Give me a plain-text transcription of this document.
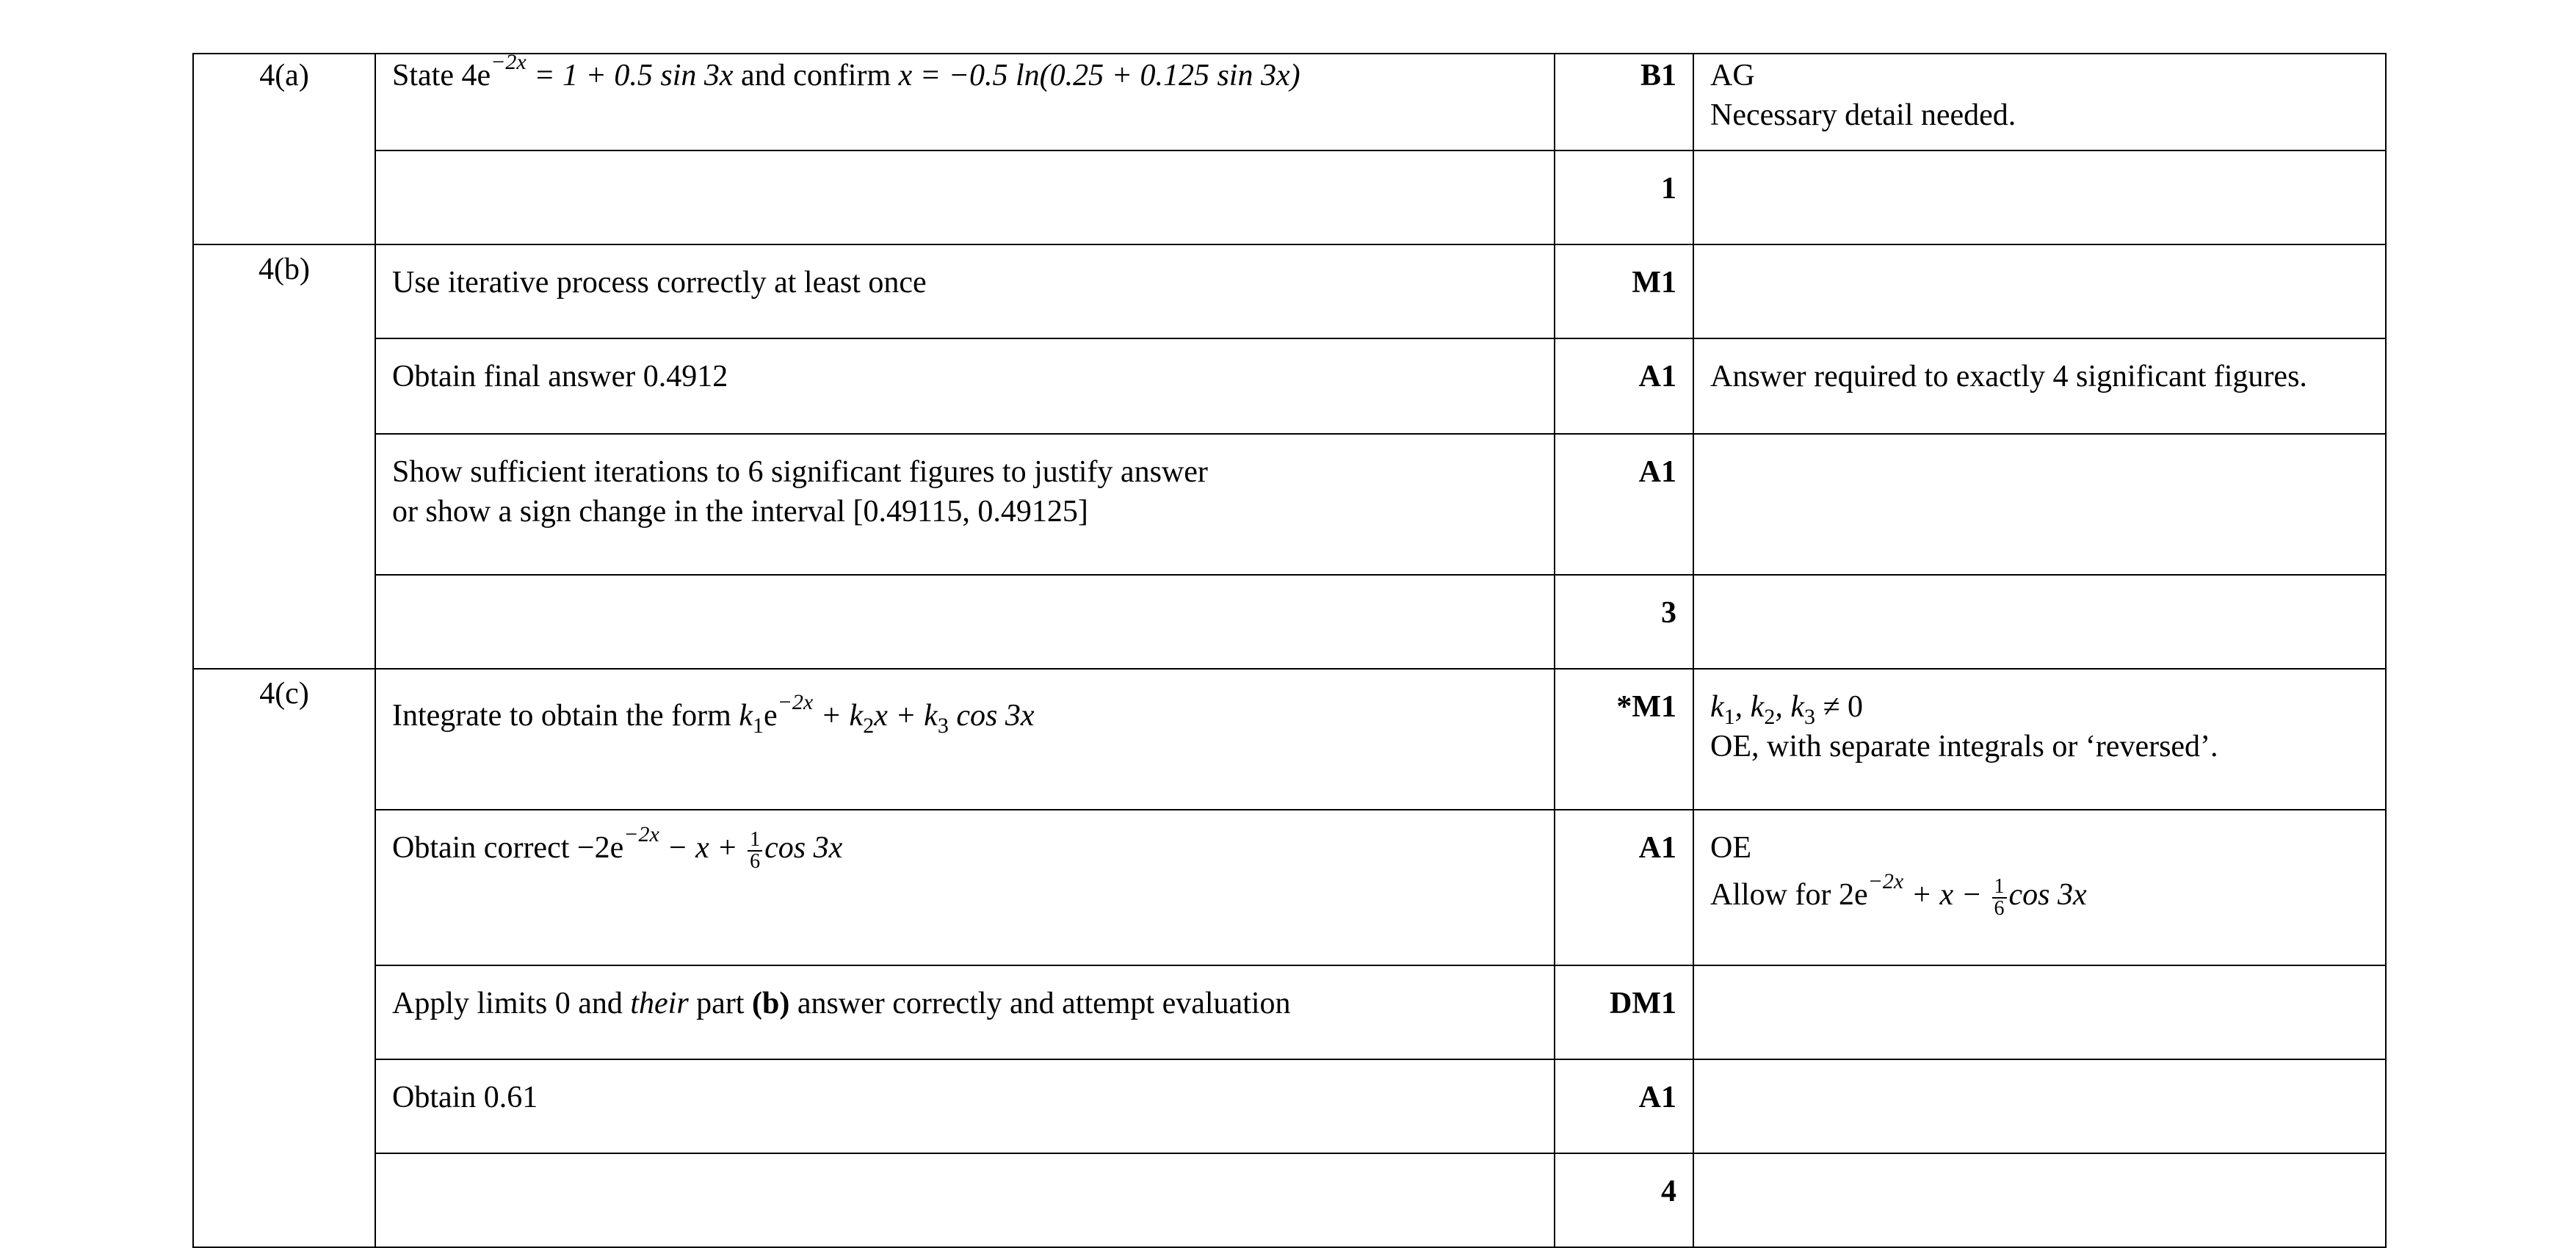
4(a)	State $4e^{-2x} = 1 + 0.5$ sin 3x and confirm x = −0.5 ln(0.25 + 0.125 sin 3x)	B1	AG
Necessary detail needed.

		1	
4(b)	Use iterative process correctly at least once	M1	
	Obtain final answer 0.4912	A1	Answer required to exactly 4 significant figures.

	Show sufficient iterations to 6 significant figures to justify answer
or show a sign change in the interval [0.49115, 0.49125]	A1	
		3	
4(c)	Integrate to obtain the form $k_1e^{-2x} + k_2x + k_3$ cos 3x	*M1	$k_1$, $k_2$, $k_3 \ne 0$
OE, with separate integrals or ‘reversed’.

	Obtain correct $-2e^{-2x} - x + \frac{1}{6}$ cos 3x	A1	OE
Allow for $2e^{-2x} + x - \frac{1}{6}$ cos 3x

	Apply limits 0 and their part (b) answer correctly and attempt evaluation	DM1	
	Obtain 0.61	A1	
		4	
